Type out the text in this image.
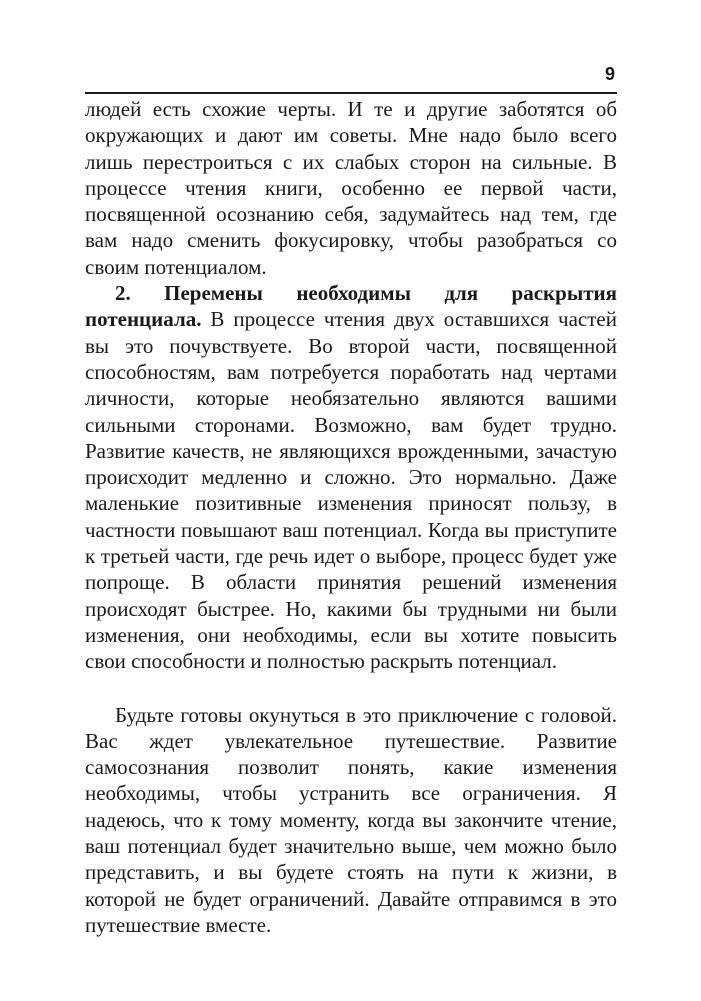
9

людей есть схожие черты. И те и другие заботятся об окружающих и дают им советы. Мне надо было всего лишь перестроиться с их слабых сторон на сильные. В процессе чтения книги, особенно ее первой части, посвященной осознанию себя, задумайтесь над тем, где вам надо сменить фокусировку, чтобы разобраться со своим потенциалом.

2. Перемены необходимы для раскрытия потенциала. В процессе чтения двух оставшихся частей вы это почувствуете. Во второй части, посвященной способностям, вам потребуется поработать над чертами личности, которые необязательно являются вашими сильными сторонами. Возможно, вам будет трудно. Развитие качеств, не являющихся врожденными, зачастую происходит медленно и сложно. Это нормально. Даже маленькие позитивные изменения приносят пользу, в частности повышают ваш потенциал. Когда вы приступите к третьей части, где речь идет о выборе, процесс будет уже попроще. В области принятия решений изменения происходят быстрее. Но, какими бы трудными ни были изменения, они необходимы, если вы хотите повысить свои способности и полностью раскрыть потенциал.

Будьте готовы окунуться в это приключение с головой. Вас ждет увлекательное путешествие. Развитие самосознания позволит понять, какие изменения необходимы, чтобы устранить все ограничения. Я надеюсь, что к тому моменту, когда вы закончите чтение, ваш потенциал будет значительно выше, чем можно было представить, и вы будете стоять на пути к жизни, в которой не будет ограничений. Давайте отправимся в это путешествие вместе.
